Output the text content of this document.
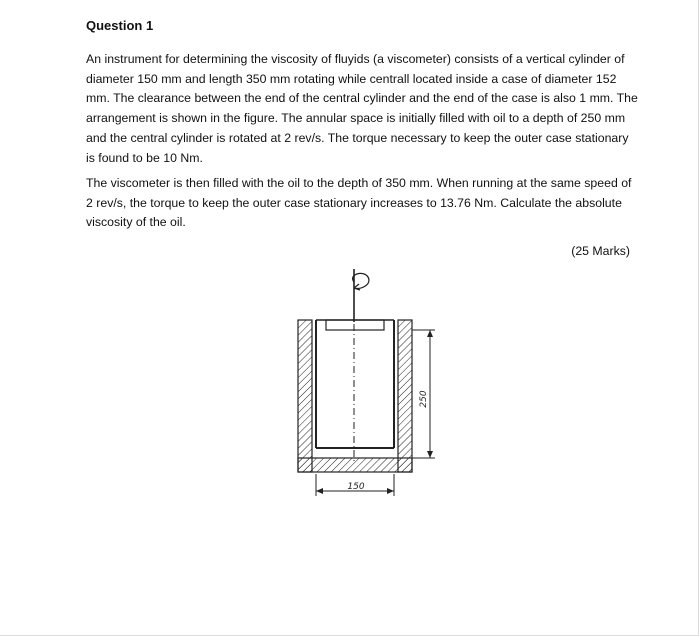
Question 1

An instrument for determining the viscosity of fluyids (a viscometer) consists of a vertical cylinder of diameter 150 mm and length 350 mm rotating while centrall located inside a case of diameter 152 mm. The clearance between the end of the central cylinder and the end of the case is also 1 mm. The arrangement is shown in the figure. The annular space is initially filled with oil to a depth of 250 mm and the central cylinder is rotated at 2 rev/s. The torque necessary to keep the outer case stationary is found to be 10 Nm.

The viscometer is then filled with the oil to the depth of 350 mm. When running at the same speed of 2 rev/s, the torque to keep the outer case stationary increases to 13.76 Nm. Calculate the absolute viscosity of the oil.

(25 Marks)

250
150
